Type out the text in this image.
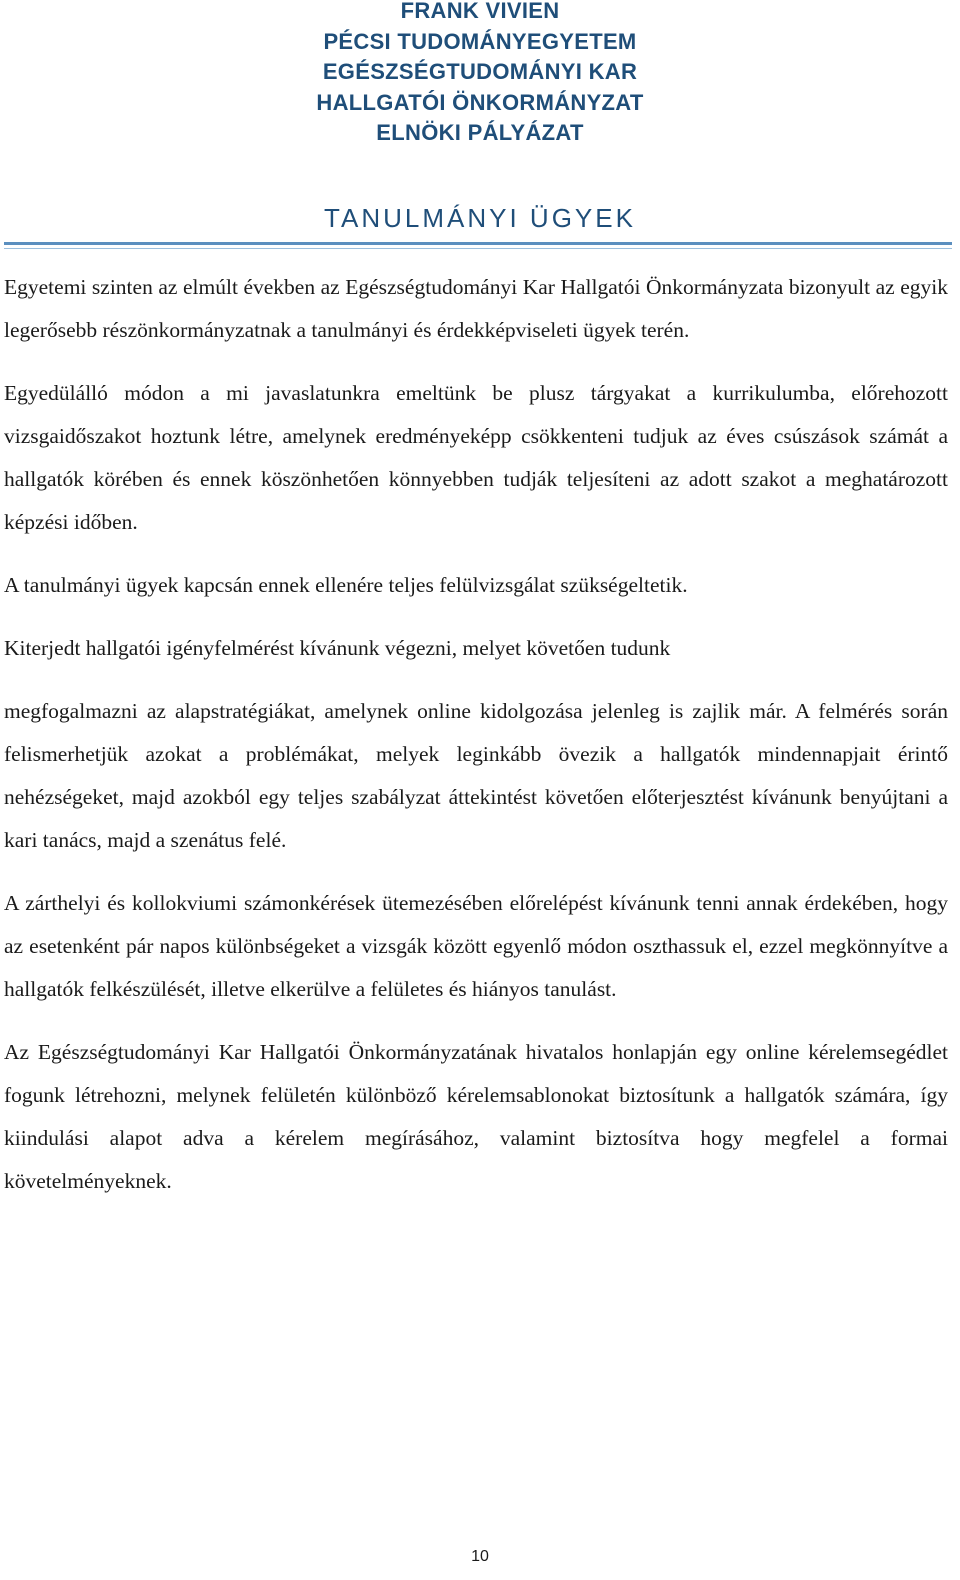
FRANK VIVIEN
PÉCSI TUDOMÁNYEGYETEM
EGÉSZSÉGTUDOMÁNYI KAR
HALLGATÓI ÖNKORMÁNYZAT
ELNÖKI PÁLYÁZAT
TANULMÁNYI ÜGYEK

Egyetemi szinten az elmúlt években az Egészségtudományi Kar Hallgatói Önkormányzata bizonyult az egyik legerősebb részönkormányzatnak a tanulmányi és érdekképviseleti ügyek terén.

Egyedülálló módon a mi javaslatunkra emeltünk be plusz tárgyakat a kurrikulumba, előrehozott vizsgaidőszakot hoztunk létre, amelynek eredményeképp csökkenteni tudjuk az éves csúszások számát a hallgatók körében és ennek köszönhetően könnyebben tudják teljesíteni az adott szakot a meghatározott képzési időben.

A tanulmányi ügyek kapcsán ennek ellenére teljes felülvizsgálat szükségeltetik.

Kiterjedt hallgatói igényfelmérést kívánunk végezni, melyet követően tudunk

megfogalmazni az alapstratégiákat, amelynek online kidolgozása jelenleg is zajlik már. A felmérés során felismerhetjük azokat a problémákat, melyek leginkább övezik a hallgatók mindennapjait érintő nehézségeket, majd azokból egy teljes szabályzat áttekintést követően előterjesztést kívánunk benyújtani a kari tanács, majd a szenátus felé.

A zárthelyi és kollokviumi számonkérések ütemezésében előrelépést kívánunk tenni annak érdekében, hogy az esetenként pár napos különbségeket a vizsgák között egyenlő módon oszthassuk el, ezzel megkönnyítve a hallgatók felkészülését, illetve elkerülve a felületes és hiányos tanulást.

Az Egészségtudományi Kar Hallgatói Önkormányzatának hivatalos honlapján egy online kérelemsegédlet fogunk létrehozni, melynek felületén különböző kérelemsablonokat biztosítunk a hallgatók számára, így kiindulási alapot adva a kérelem megírásához, valamint biztosítva hogy megfelel a formai követelményeknek.

10
